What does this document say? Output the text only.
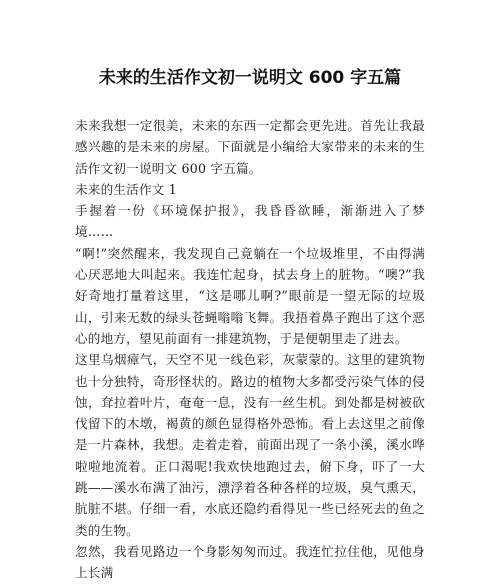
未来的生活作文初一说明文 600 字五篇

未来我想一定很美，未来的东西一定都会更先进。首先让我最感兴趣的是未来的房屋。下面就是小编给大家带来的未来的生活作文初一说明文 600 字五篇。

未来的生活作文 1

手握着一份《环境保护报》，我昏昏欲睡，渐渐进入了梦境……

“啊!”突然醒来，我发现自己竟躺在一个垃圾堆里，不由得满心厌恶地大叫起来。我连忙起身，拭去身上的脏物。“噢?”我好奇地打量着这里，“这是哪儿啊?”眼前是一望无际的垃圾山，引来无数的绿头苍蝇嗡嗡飞舞。我捂着鼻子跑出了这个恶心的地方，望见前面有一排建筑物，于是便朝里走了进去。

这里乌烟瘴气，天空不见一线色彩，灰蒙蒙的。这里的建筑物也十分独特，奇形怪状的。路边的植物大多都受污染气体的侵蚀，耷拉着叶片，奄奄一息，没有一丝生机。到处都是树被砍伐留下的木墩，褐黄的颜色显得格外恐怖。看上去这里之前像是一片森林，我想。走着走着，前面出现了一条小溪，溪水哗啦啦地流着。正口渴呢!我欢快地跑过去，俯下身，吓了一大跳——溪水布满了油污，漂浮着各种各样的垃圾，臭气熏天，肮脏不堪。仔细一看，水底还隐约看得见一些已经死去的鱼之类的生物。

忽然，我看见路边一个身影匆匆而过。我连忙拉住他，见他身上长满
